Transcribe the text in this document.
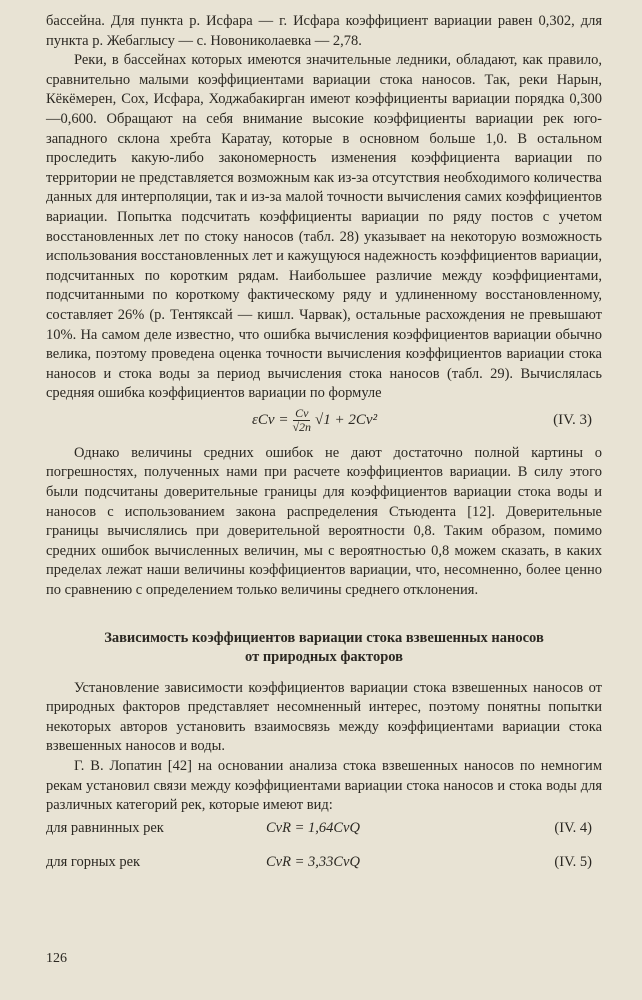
бассейна. Для пункта р. Исфара — г. Исфара коэффициент вариации равен 0,302, для пункта р. Жебаглысу — с. Новониколаевка — 2,78.

Реки, в бассейнах которых имеются значительные ледники, обладают, как правило, сравнительно малыми коэффициентами вариации стока наносов. Так, реки Нарын, Кёкёмерен, Сох, Исфара, Ходжабакирган имеют коэффициенты вариации порядка 0,300—0,600. Обращают на себя внимание высокие коэффициенты вариации рек юго-западного склона хребта Каратау, которые в основном больше 1,0. В остальном проследить какую-либо закономерность изменения коэффициента вариации по территории не представляется возможным как из-за отсутствия необходимого количества данных для интерполяции, так и из-за малой точности вычисления самих коэффициентов вариации. Попытка подсчитать коэффициенты вариации по ряду постов с учетом восстановленных лет по стоку наносов (табл. 28) указывает на некоторую возможность использования восстановленных лет и кажущуюся надежность коэффициентов вариации, подсчитанных по коротким рядам. Наибольшее различие между коэффициентами, подсчитанными по короткому фактическому ряду и удлиненному восстановленному, составляет 26% (р. Тентяксай — кишл. Чарвак), остальные расхождения не превышают 10%. На самом деле известно, что ошибка вычисления коэффициентов вариации обычно велика, поэтому проведена оценка точности вычисления коэффициентов вариации стока наносов и стока воды за период вычисления стока наносов (табл. 29). Вычислялась средняя ошибка коэффициентов вариации по формуле

$\varepsilon Cv = \frac{Cv}{√2n} √1 + 2Cv^2$	(IV. 3)

Однако величины средних ошибок не дают достаточно полной картины о погрешностях, полученных нами при расчете коэффициентов вариации. В силу этого были подсчитаны доверительные границы для коэффициентов вариации стока воды и наносов с использованием закона распределения Стьюдента [12]. Доверительные границы вычислялись при доверительной вероятности 0,8. Таким образом, помимо средних ошибок вычисленных величин, мы с вероятностью 0,8 можем сказать, в каких пределах лежат наши величины коэффициентов вариации, что, несомненно, более ценно по сравнению с определением только величины среднего отклонения.

Зависимость коэффициентов вариации стока взвешенных наносов

от природных факторов

Установление зависимости коэффициентов вариации стока взвешенных наносов от природных факторов представляет несомненный интерес, поэтому понятны попытки некоторых авторов установить взаимосвязь между коэффициентами вариации стока взвешенных наносов и воды.

Г. В. Лопатин [42] на основании анализа стока взвешенных наносов по немногим рекам установил связи между коэффициентами вариации стока наносов и стока воды для различных категорий рек, которые имеют вид:

для равнинных рек	CvR = 1,64CvQ	(IV. 4)
для горных рек	CvR = 3,33CvQ	(IV. 5)
126
